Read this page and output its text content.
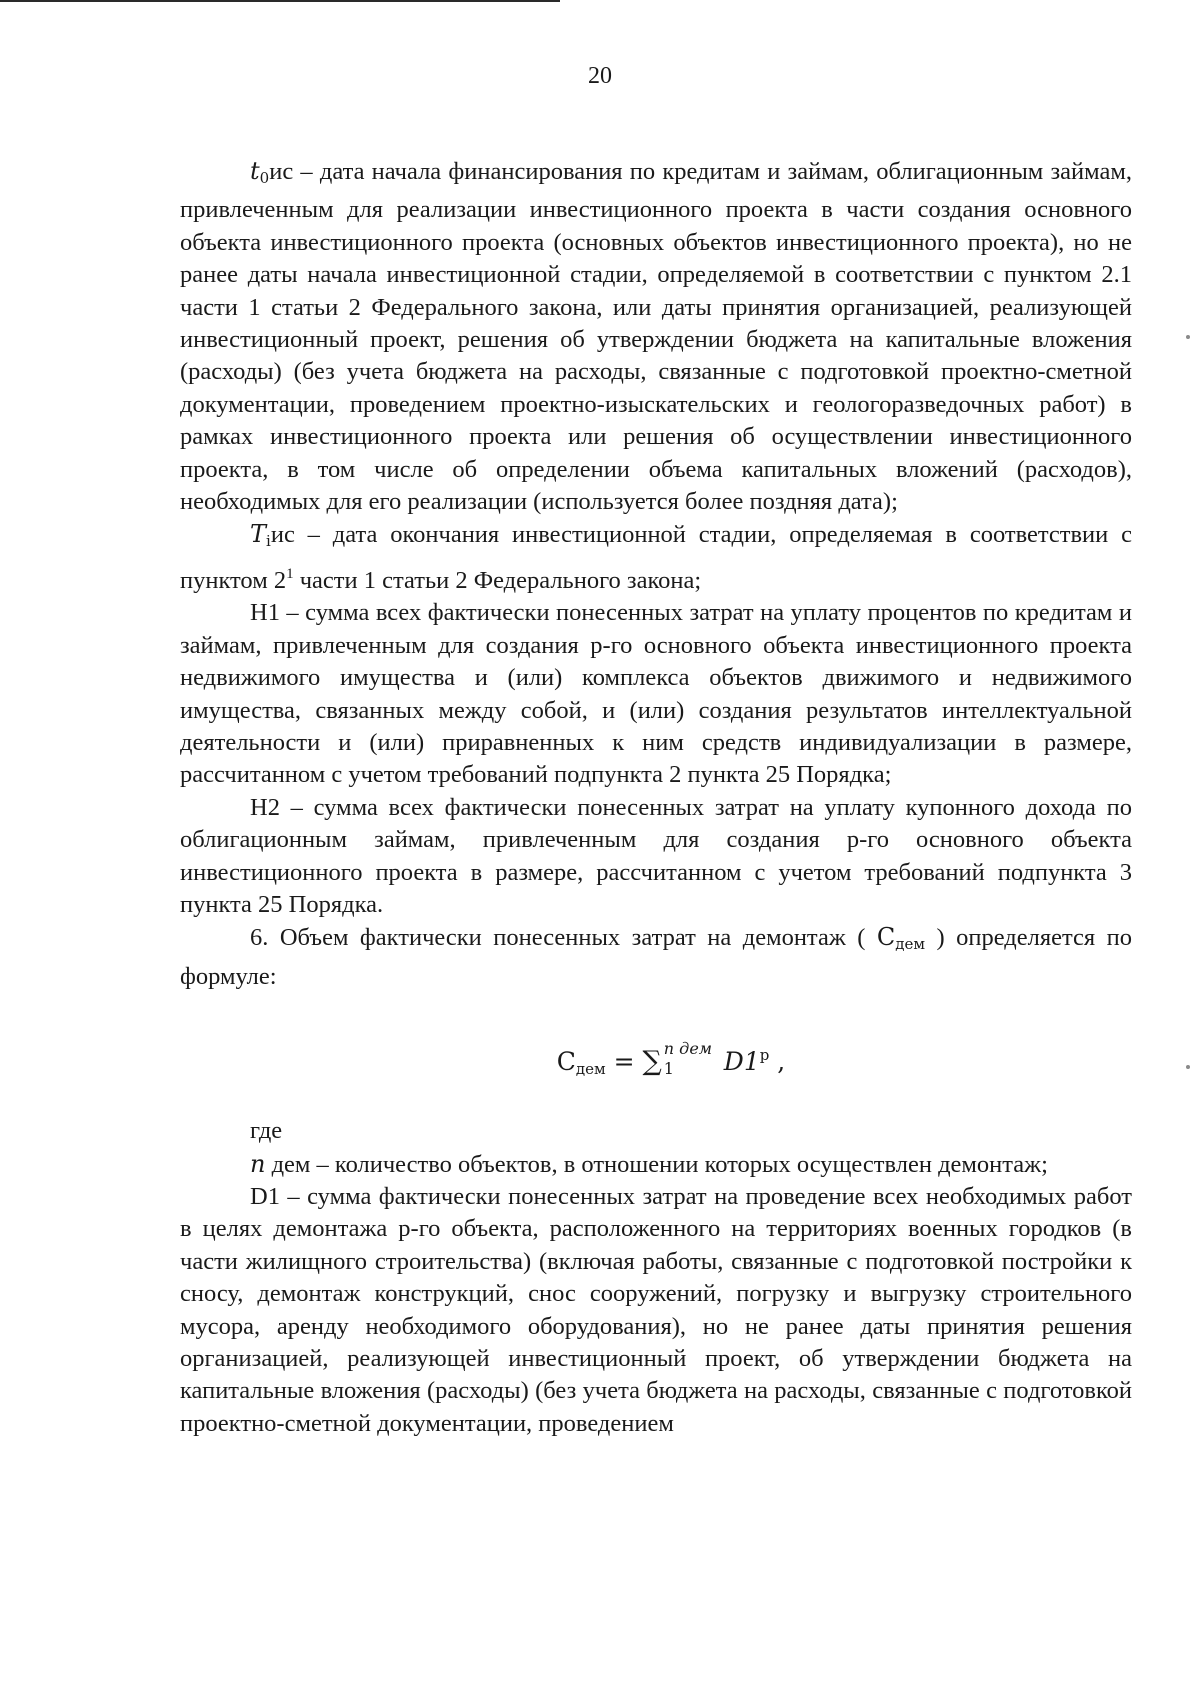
20

$t_0ис$ – дата начала финансирования по кредитам и займам, облигационным займам, привлеченным для реализации инвестиционного проекта в части создания основного объекта инвестиционного проекта (основных объектов инвестиционного проекта), но не ранее даты начала инвестиционной стадии, определяемой в соответствии с пунктом 2.1 части 1 статьи 2 Федерального закона, или даты принятия организацией, реализующей инвестиционный проект, решения об утверждении бюджета на капитальные вложения (расходы) (без учета бюджета на расходы, связанные с подготовкой проектно-сметной документации, проведением проектно-изыскательских и геологоразведочных работ) в рамках инвестиционного проекта или решения об осуществлении инвестиционного проекта, в том числе об определении объема капитальных вложений (расходов), необходимых для его реализации (используется более поздняя дата);

$T_iис$ – дата окончания инвестиционной стадии, определяемая в соответствии с пунктом $2^1$ части 1 статьи 2 Федерального закона;

Н1 – сумма всех фактически понесенных затрат на уплату процентов по кредитам и займам, привлеченным для создания р-го основного объекта инвестиционного проекта недвижимого имущества и (или) комплекса объектов движимого и недвижимого имущества, связанных между собой, и (или) создания результатов интеллектуальной деятельности и (или) приравненных к ним средств индивидуализации в размере, рассчитанном с учетом требований подпункта 2 пункта 25 Порядка;

Н2 – сумма всех фактически понесенных затрат на уплату купонного дохода по облигационным займам, привлеченным для создания р-го основного объекта инвестиционного проекта в размере, рассчитанном с учетом требований подпункта 3 пункта 25 Порядка.

6. Объем фактически понесенных затрат на демонтаж ( $С_{дем}$ ) определяется по формуле:

$С_{дем}$ = ∑ n дем
1 $D1^р$ ,

где

n дем – количество объектов, в отношении которых осуществлен демонтаж;

D1 – сумма фактически понесенных затрат на проведение всех необходимых работ в целях демонтажа р-го объекта, расположенного на территориях военных городков (в части жилищного строительства) (включая работы, связанные с подготовкой постройки к сносу, демонтаж конструкций, снос сооружений, погрузку и выгрузку строительного мусора, аренду необходимого оборудования), но не ранее даты принятия решения организацией, реализующей инвестиционный проект, об утверждении бюджета на капитальные вложения (расходы) (без учета бюджета на расходы, связанные с подготовкой проектно-сметной документации, проведением
